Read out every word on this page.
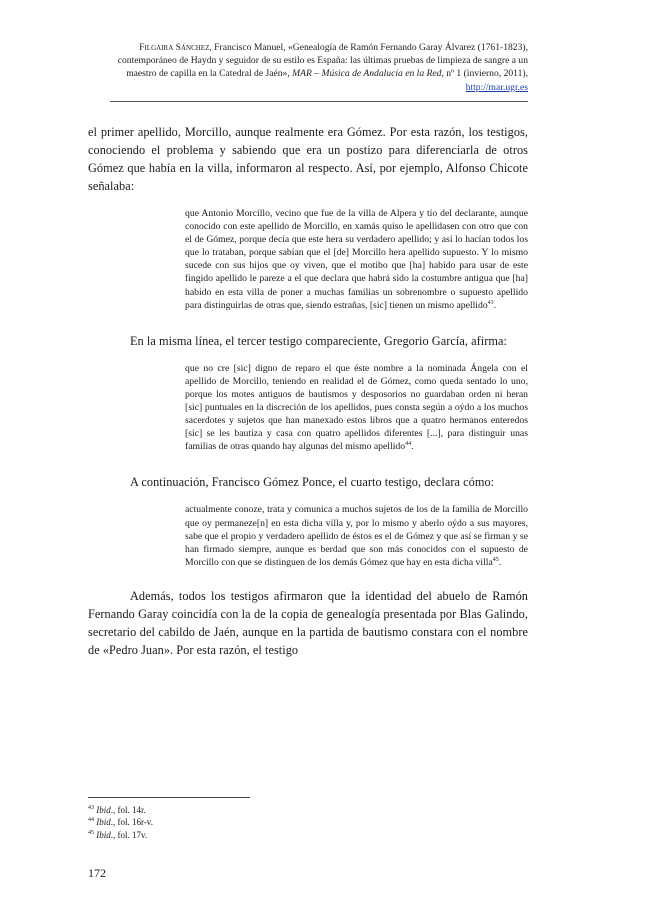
Filgaira Sánchez, Francisco Manuel, «Genealogía de Ramón Fernando Garay Álvarez (1761-1823), contemporáneo de Haydn y seguidor de su estilo es España: las últimas pruebas de limpieza de sangre a un maestro de capilla en la Catedral de Jaén», MAR – Música de Andalucía en la Red, nº 1 (invierno, 2011), http://mar.ugr.es

el primer apellido, Morcillo, aunque realmente era Gómez. Por esta razón, los testigos, conociendo el problema y sabiendo que era un postizo para diferenciarla de otros Gómez que había en la villa, informaron al respecto. Así, por ejemplo, Alfonso Chicote señalaba:

que Antonio Morcillo, vecino que fue de la villa de Alpera y tío del declarante, aunque conocido con este apellido de Morcillo, en xamás quiso le apellidasen con otro que con el de Gómez, porque decía que este hera su verdadero apellido; y así lo hacían todos los que lo trataban, porque sabían que el [de] Morcillo hera apellido supuesto. Y lo mismo sucede con sus hijos que oy viven, que el motibo que [ha] habido para usar de este fingido apellido le pareze a el que declara que habrá sido la costumbre antigua que [ha] habido en esta villa de poner a muchas familias un sobrenombre o supuesto apellido para distinguirlas de otras que, siendo estrañas, [sic] tienen un mismo apellido$^{43}$.

En la misma línea, el tercer testigo compareciente, Gregorio García, afirma:

que no cre [sic] digno de reparo el que éste nombre a la nominada Ángela con el apellido de Morcillo, teniendo en realidad el de Gómez, como queda sentado lo uno, porque los motes antiguos de bautismos y desposorios no guardaban orden ni heran [sic] puntuales en la discreción de los apellidos, pues consta según a oýdo a los muchos sacerdotes y sujetos que han manexado estos libros que a quatro hermanos enteredos [sic] se les bautiza y casa con quatro apellidos diferentes [...], para distinguir unas familias de otras quando hay algunas del mismo apellido$^{44}$.

A continuación, Francisco Gómez Ponce, el cuarto testigo, declara cómo:

actualmente conoze, trata y comunica a muchos sujetos de los de la familia de Morcillo que oy permaneze[n] en esta dicha villa y, por lo mismo y aberlo oýdo a sus mayores, sabe que el propio y verdadero apellido de éstos es el de Gómez y que así se firman y se han firmado siempre, aunque es berdad que son más conocidos con el supuesto de Morcillo con que se distinguen de los demás Gómez que hay en esta dicha villa$^{45}$.

Además, todos los testigos afirmaron que la identidad del abuelo de Ramón Fernando Garay coincidía con la de la copia de genealogía presentada por Blas Galindo, secretario del cabildo de Jaén, aunque en la partida de bautismo constara con el nombre de «Pedro Juan». Por esta razón, el testigo

$^{43}$ Ibid., fol. 14r.
$^{44}$ Ibid., fol. 16r-v.
$^{45}$ Ibid., fol. 17v.
172
